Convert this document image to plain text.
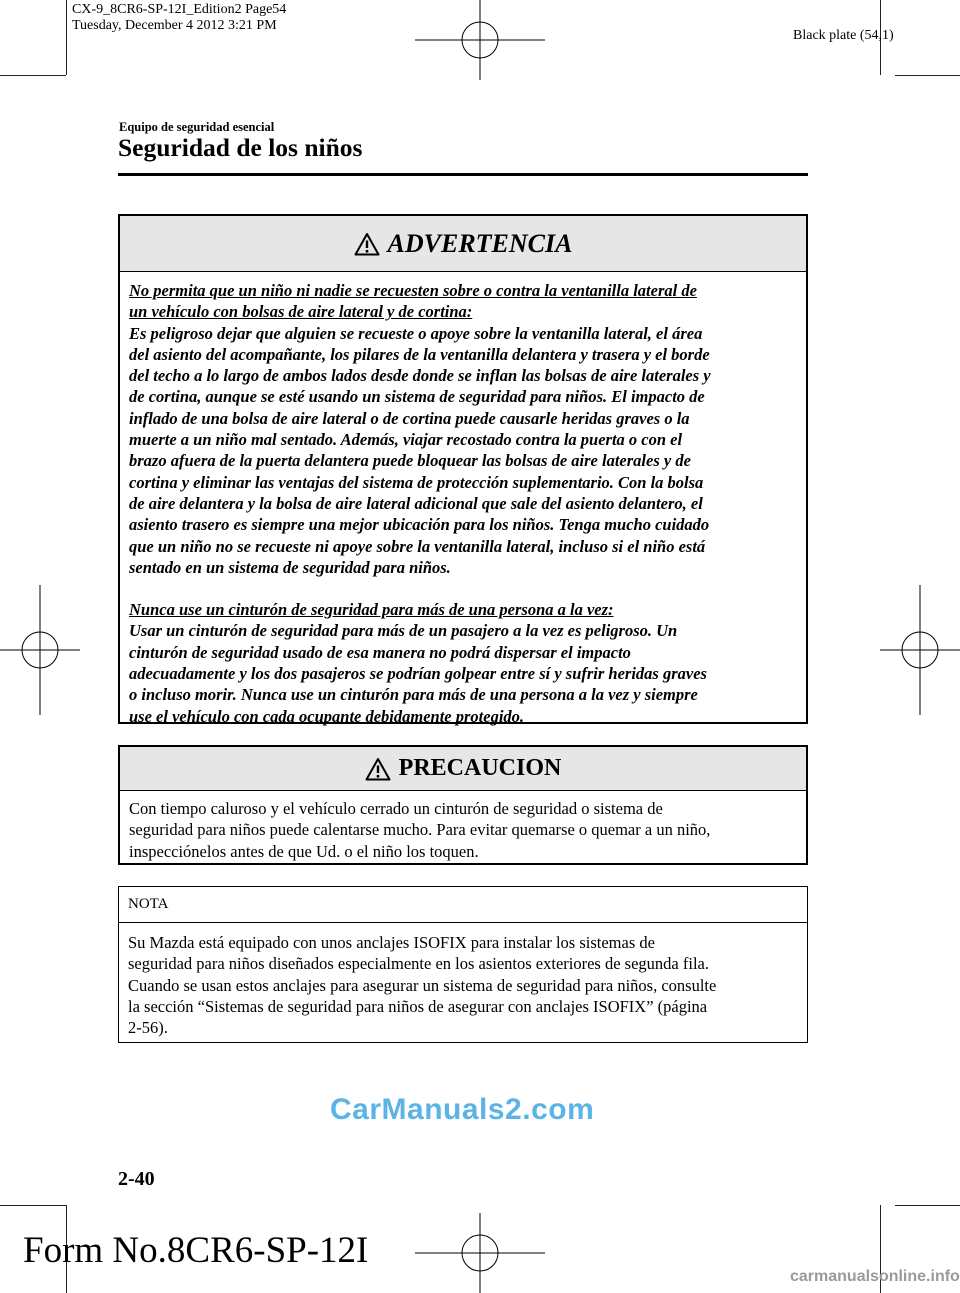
CX-9_8CR6-SP-12I_Edition2 Page54
Tuesday, December 4 2012 3:21 PM
Black plate (54,1)
Equipo de seguridad esencial
Seguridad de los niños
ADVERTENCIA

No permita que un niño ni nadie se recuesten sobre o contra la ventanilla lateral de
un vehículo con bolsas de aire lateral y de cortina:

Es peligroso dejar que alguien se recueste o apoye sobre la ventanilla lateral, el área
del asiento del acompañante, los pilares de la ventanilla delantera y trasera y el borde
del techo a lo largo de ambos lados desde donde se inflan las bolsas de aire laterales y
de cortina, aunque se esté usando un sistema de seguridad para niños. El impacto de
inflado de una bolsa de aire lateral o de cortina puede causarle heridas graves o la
muerte a un niño mal sentado. Además, viajar recostado contra la puerta o con el
brazo afuera de la puerta delantera puede bloquear las bolsas de aire laterales y de
cortina y eliminar las ventajas del sistema de protección suplementario. Con la bolsa
de aire delantera y la bolsa de aire lateral adicional que sale del asiento delantero, el
asiento trasero es siempre una mejor ubicación para los niños. Tenga mucho cuidado
que un niño no se recueste ni apoye sobre la ventanilla lateral, incluso si el niño está
sentado en un sistema de seguridad para niños.

Nunca use un cinturón de seguridad para más de una persona a la vez:

Usar un cinturón de seguridad para más de un pasajero a la vez es peligroso. Un
cinturón de seguridad usado de esa manera no podrá dispersar el impacto
adecuadamente y los dos pasajeros se podrían golpear entre sí y sufrir heridas graves
o incluso morir. Nunca use un cinturón para más de una persona a la vez y siempre
use el vehículo con cada ocupante debidamente protegido.

PRECAUCION

Con tiempo caluroso y el vehículo cerrado un cinturón de seguridad o sistema de
seguridad para niños puede calentarse mucho. Para evitar quemarse o quemar a un niño,
inspecciónelos antes de que Ud. o el niño los toquen.

NOTA

Su Mazda está equipado con unos anclajes ISOFIX para instalar los sistemas de
seguridad para niños diseñados especialmente en los asientos exteriores de segunda fila.
Cuando se usan estos anclajes para asegurar un sistema de seguridad para niños, consulte
la sección “Sistemas de seguridad para niños de asegurar con anclajes ISOFIX” (página
2-56).

CarManuals2.com
2-40
Form No.8CR6-SP-12I
carmanualsonline.info
